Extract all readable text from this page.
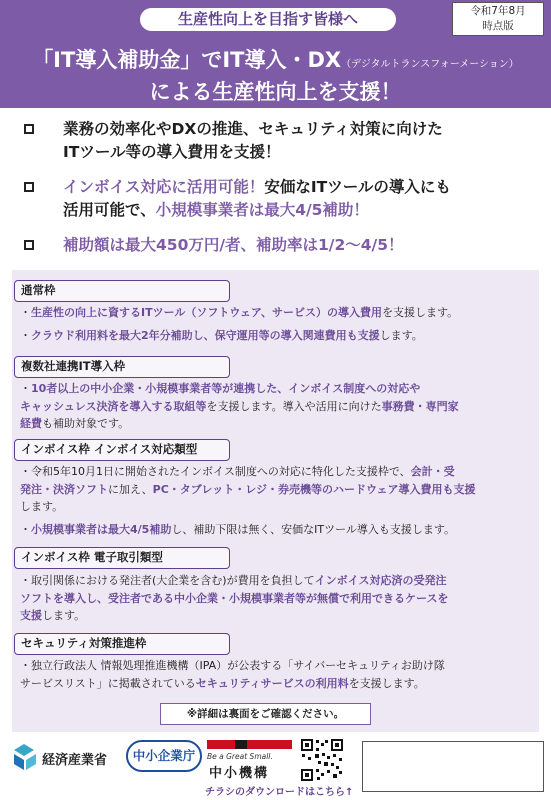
生産性向上を目指す皆様へ	令和7年8月
時点版
「IT導入補助金」でIT導入・DX（デジタルトランスフォーメーション）
による生産性向上を支援！
業務の効率化やDXの推進、セキュリティ対策に向けた
ITツール等の導入費用を支援！
インボイス対応に活用可能！安価なITツールの導入にも
活用可能で、小規模事業者は最大4/5補助！
補助額は最大450万円/者、補助率は1/2～4/5！
通常枠
・生産性の向上に資するITツール（ソフトウェア、サービス）の導入費用を支援します。
・クラウド利用料を最大2年分補助し、保守運用等の導入関連費用も支援します。
複数社連携IT導入枠
・10者以上の中小企業・小規模事業者等が連携した、インボイス制度への対応や
キャッシュレス決済を導入する取組等を支援します。導入や活用に向けた事務費・専門家
経費も補助対象です。
インボイス枠 インボイス対応類型
・令和5年10月1日に開始されたインボイス制度への対応に特化した支援枠で、会計・受
発注・決済ソフトに加え、PC・タブレット・レジ・券売機等のハードウェア導入費用も支援
します。
・小規模事業者は最大4/5補助し、補助下限は無く、安価なITツール導入も支援します。
インボイス枠 電子取引類型
・取引関係における発注者(大企業を含む)が費用を負担してインボイス対応済の受発注
ソフトを導入し、受注者である中小企業・小規模事業者等が無償で利用できるケースを
支援します。
セキュリティ対策推進枠
・独立行政法人 情報処理推進機構（IPA）が公表する「サイバーセキュリティお助け隊
サービスリスト」に掲載されているセキュリティサービスの利用料を支援します。
※詳細は裏面をご確認ください。
経済産業省	中小企業庁	Be a Great Small.
中小機構
チラシのダウンロードはこちら↑
